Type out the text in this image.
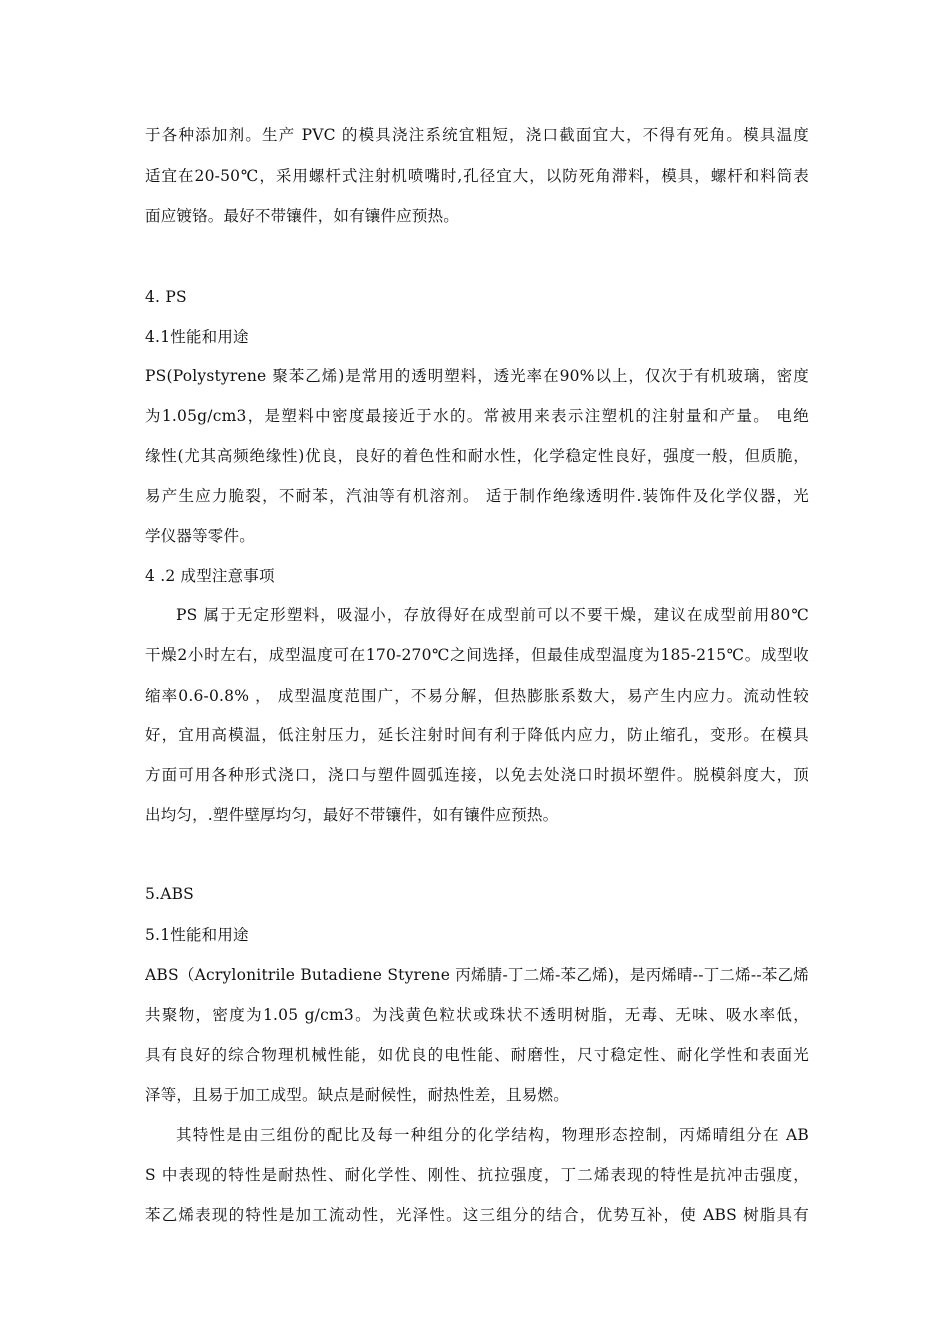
于各种添加剂。生产 PVC 的模具浇注系统宜粗短，浇口截面宜大，不得有死角。模具温度
适宜在20-50℃，采用螺杆式注射机喷嘴时,孔径宜大，以防死角滞料，模具，螺杆和料筒表
面应镀铬。最好不带镶件，如有镶件应预热。
4. PS
4.1性能和用途
PS(Polystyrene 聚苯乙烯)是常用的透明塑料，透光率在90%以上，仅次于有机玻璃，密度
为1.05g/cm3，是塑料中密度最接近于水的。常被用来表示注塑机的注射量和产量。 电绝
缘性(尤其高频绝缘性)优良，良好的着色性和耐水性，化学稳定性良好，强度一般，但质脆，
易产生应力脆裂，不耐苯，汽油等有机溶剂。 适于制作绝缘透明件.装饰件及化学仪器，光
学仪器等零件。
4 .2 成型注意事项
PS 属于无定形塑料，吸湿小，存放得好在成型前可以不要干燥，建议在成型前用80℃
干燥2小时左右，成型温度可在170-270℃之间选择，但最佳成型温度为185-215℃。成型收
缩率0.6-0.8% ， 成型温度范围广，不易分解，但热膨胀系数大，易产生内应力。流动性较
好，宜用高模温，低注射压力，延长注射时间有利于降低内应力，防止缩孔，变形。在模具
方面可用各种形式浇口，浇口与塑件圆弧连接，以免去处浇口时损坏塑件。脱模斜度大，顶
出均匀，.塑件壁厚均匀，最好不带镶件，如有镶件应预热。
5.ABS
5.1性能和用途
ABS（Acrylonitrile Butadiene Styrene 丙烯腈-丁二烯-苯乙烯)，是丙烯晴--丁二烯--苯乙烯
共聚物，密度为1.05 g/cm3。为浅黄色粒状或珠状不透明树脂，无毒、无味、吸水率低，
具有良好的综合物理机械性能，如优良的电性能、耐磨性，尺寸稳定性、耐化学性和表面光
泽等，且易于加工成型。缺点是耐候性，耐热性差，且易燃。
其特性是由三组份的配比及每一种组分的化学结构，物理形态控制，丙烯晴组分在 AB
S 中表现的特性是耐热性、耐化学性、刚性、抗拉强度，丁二烯表现的特性是抗冲击强度，
苯乙烯表现的特性是加工流动性，光泽性。这三组分的结合，优势互补，使 ABS 树脂具有
